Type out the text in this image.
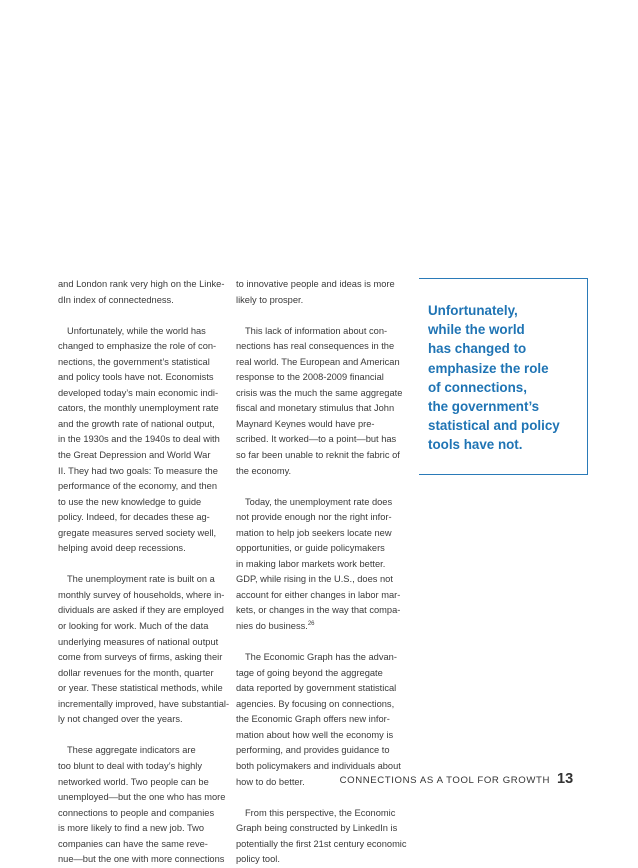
and London rank very high on the Linke-
dIn index of connectedness.
Unfortunately, while the world has
changed to emphasize the role of con-
nections, the government’s statistical
and policy tools have not. Economists
developed today’s main economic indi-
cators, the monthly unemployment rate
and the growth rate of national output,
in the 1930s and the 1940s to deal with
the Great Depression and World War
II. They had two goals: To measure the
performance of the economy, and then
to use the new knowledge to guide
policy. Indeed, for decades these ag-
gregate measures served society well,
helping avoid deep recessions.
The unemployment rate is built on a
monthly survey of households, where in-
dividuals are asked if they are employed
or looking for work. Much of the data
underlying measures of national output
come from surveys of firms, asking their
dollar revenues for the month, quarter
or year. These statistical methods, while
incrementally improved, have substantial-
ly not changed over the years.
These aggregate indicators are
too blunt to deal with today’s highly
networked world. Two people can be
unemployed—but the one who has more
connections to people and companies
is more likely to find a new job. Two
companies can have the same reve-
nue—but the one with more connections
to innovative people and ideas is more
likely to prosper.
This lack of information about con-
nections has real consequences in the
real world. The European and American
response to the 2008-2009 financial
crisis was the much the same aggregate
fiscal and monetary stimulus that John
Maynard Keynes would have pre-
scribed. It worked—to a point—but has
so far been unable to reknit the fabric of
the economy.
Today, the unemployment rate does
not provide enough nor the right infor-
mation to help job seekers locate new
opportunities, or guide policymakers
in making labor markets work better.
GDP, while rising in the U.S., does not
account for either changes in labor mar-
kets, or changes in the way that compa-
nies do business.$^{26}$
The Economic Graph has the advan-
tage of going beyond the aggregate
data reported by government statistical
agencies. By focusing on connections,
the Economic Graph offers new infor-
mation about how well the economy is
performing, and provides guidance to
both policymakers and individuals about
how to do better.
From this perspective, the Economic
Graph being constructed by LinkedIn is
potentially the first 21st century economic
policy tool.
Unfortunately,
while the world
has changed to
emphasize the role
of connections,
the government’s
statistical and policy
tools have not.
CONNECTIONS AS A TOOL FOR GROWTH 13
